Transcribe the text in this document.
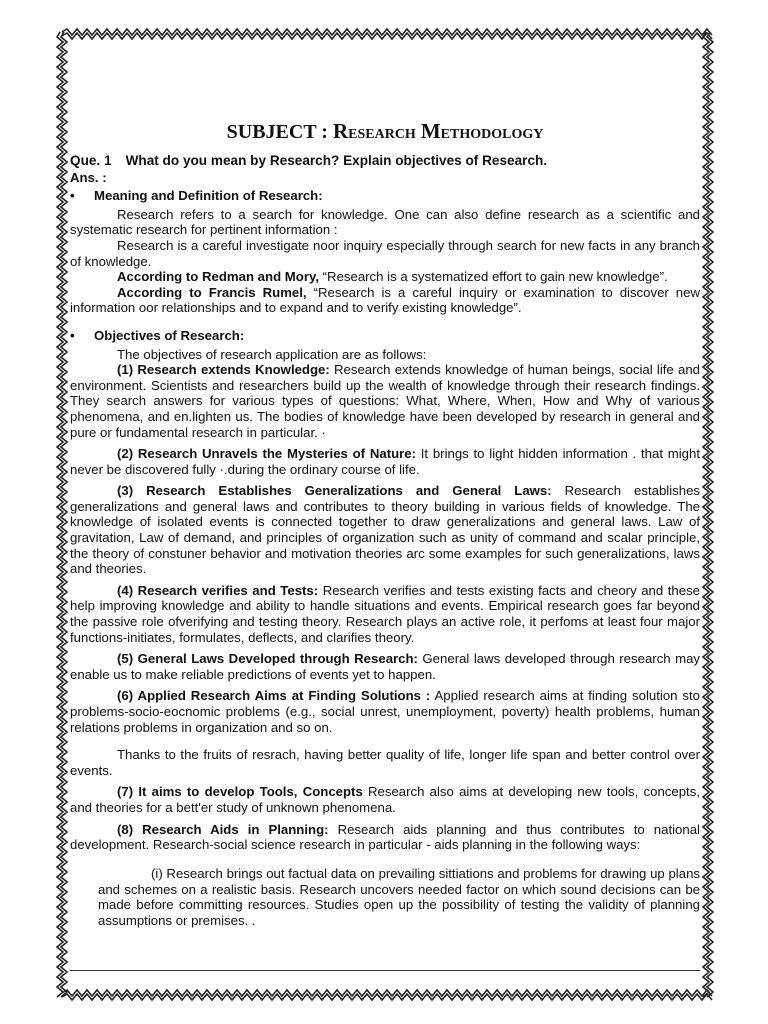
SUBJECT : Research Methodology
Que. 1 What do you mean by Research? Explain objectives of Research.
Ans. :
•	Meaning and Definition of Research:

Research refers to a search for knowledge. One can also define research as a scientific and systematic research for pertinent information :

Research is a careful investigate noor inquiry especially through search for new facts in any branch of knowledge.

According to Redman and Mory, “Research is a systematized effort to gain new knowledge”.

According to Francis Rumel, “Research is a careful inquiry or examination to discover new information oor relationships and to expand and to verify existing knowledge”.

•	Objectives of Research:

The objectives of research application are as follows:

(1) Research extends Knowledge: Research extends knowledge of human beings, social life and environment. Scientists and researchers build up the wealth of knowledge through their research findings. They search answers for various types of questions: What, Where, When, How and Why of various phenomena, and en.lighten us. The bodies of knowledge have been developed by research in general and pure or fundamental research in particular. ·

(2) Research Unravels the Mysteries of Nature: It brings to light hidden information . that might never be discovered fully ·.during the ordinary course of life.

(3) Research Establishes Generalizations and General Laws: Research establishes generalizations and general laws and contributes to theory building in various fields of knowledge. The knowledge of isolated events is connected together to draw generalizations and general laws. Law of gravitation, Law of demand, and principles of organization such as unity of command and scalar principle, the theory of constuner behavior and motivation theories arc some examples for such generalizations, laws and theories.

(4) Research verifies and Tests: Research verifies and tests existing facts and cheory and these help improving knowledge and ability to handle situations and events. Empirical research goes far beyond the passive role ofverifying and testing theory. Research plays an active role, it perfoms at least four major functions-initiates, formulates, deflects, and clarifies theory.

(5) General Laws Developed through Research: General laws developed through research may enable us to make reliable predictions of events yet to happen.

(6) Applied Research Aims at Finding Solutions : Applied research aims at finding solution sto problems-socio-eocnomic problems (e.g., social unrest, unemployment, poverty) health problems, human relations problems in organization and so on.

Thanks to the fruits of resrach, having better quality of life, longer life span and better control over events.

(7) It aims to develop Tools, Concepts Research also aims at developing new tools, concepts, and theories for a bett'er study of unknown phenomena.

(8) Research Aids in Planning: Research aids planning and thus contributes to national development. Research-social science research in particular - aids planning in the following ways:

(i) Research brings out factual data on prevailing sittiations and problems for drawing up plans and schemes on a realistic basis. Research uncovers needed factor on which sound decisions can be made before committing resources. Studies open up the possibility of testing the validity of planning assumptions or premises. .
